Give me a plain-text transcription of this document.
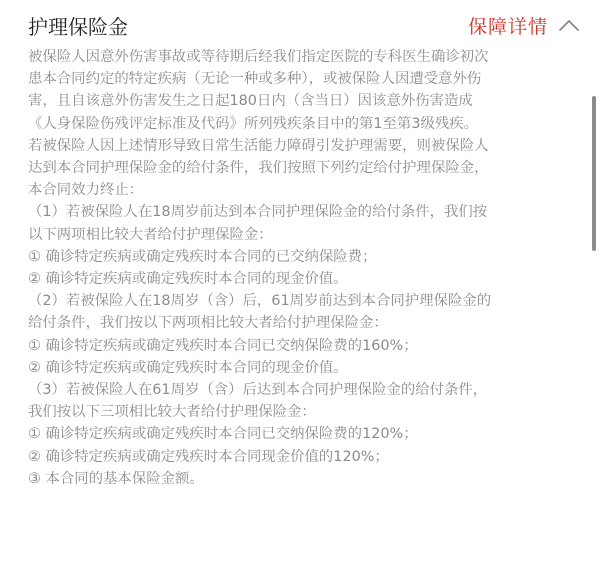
护理保险金	保障详情

被保险人因意外伤害事故或等待期后经我们指定医院的专科医生确诊初次

患本合同约定的特定疾病（无论一种或多种），或被保险人因遭受意外伤

害，且自该意外伤害发生之日起180日内（含当日）因该意外伤害造成

《人身保险伤残评定标准及代码》所列残疾条目中的第1至第3级残疾。

若被保险人因上述情形导致日常生活能力障碍引发护理需要，则被保险人

达到本合同护理保险金的给付条件，我们按照下列约定给付护理保险金，

本合同效力终止：

（1）若被保险人在18周岁前达到本合同护理保险金的给付条件，我们按

以下两项相比较大者给付护理保险金：

① 确诊特定疾病或确定残疾时本合同的已交纳保险费；

② 确诊特定疾病或确定残疾时本合同的现金价值。

（2）若被保险人在18周岁（含）后，61周岁前达到本合同护理保险金的

给付条件，我们按以下两项相比较大者给付护理保险金：

① 确诊特定疾病或确定残疾时本合同已交纳保险费的160%；

② 确诊特定疾病或确定残疾时本合同的现金价值。

（3）若被保险人在61周岁（含）后达到本合同护理保险金的给付条件，

我们按以下三项相比较大者给付护理保险金：

① 确诊特定疾病或确定残疾时本合同已交纳保险费的120%；

② 确诊特定疾病或确定残疾时本合同现金价值的120%；

③ 本合同的基本保险金额。
